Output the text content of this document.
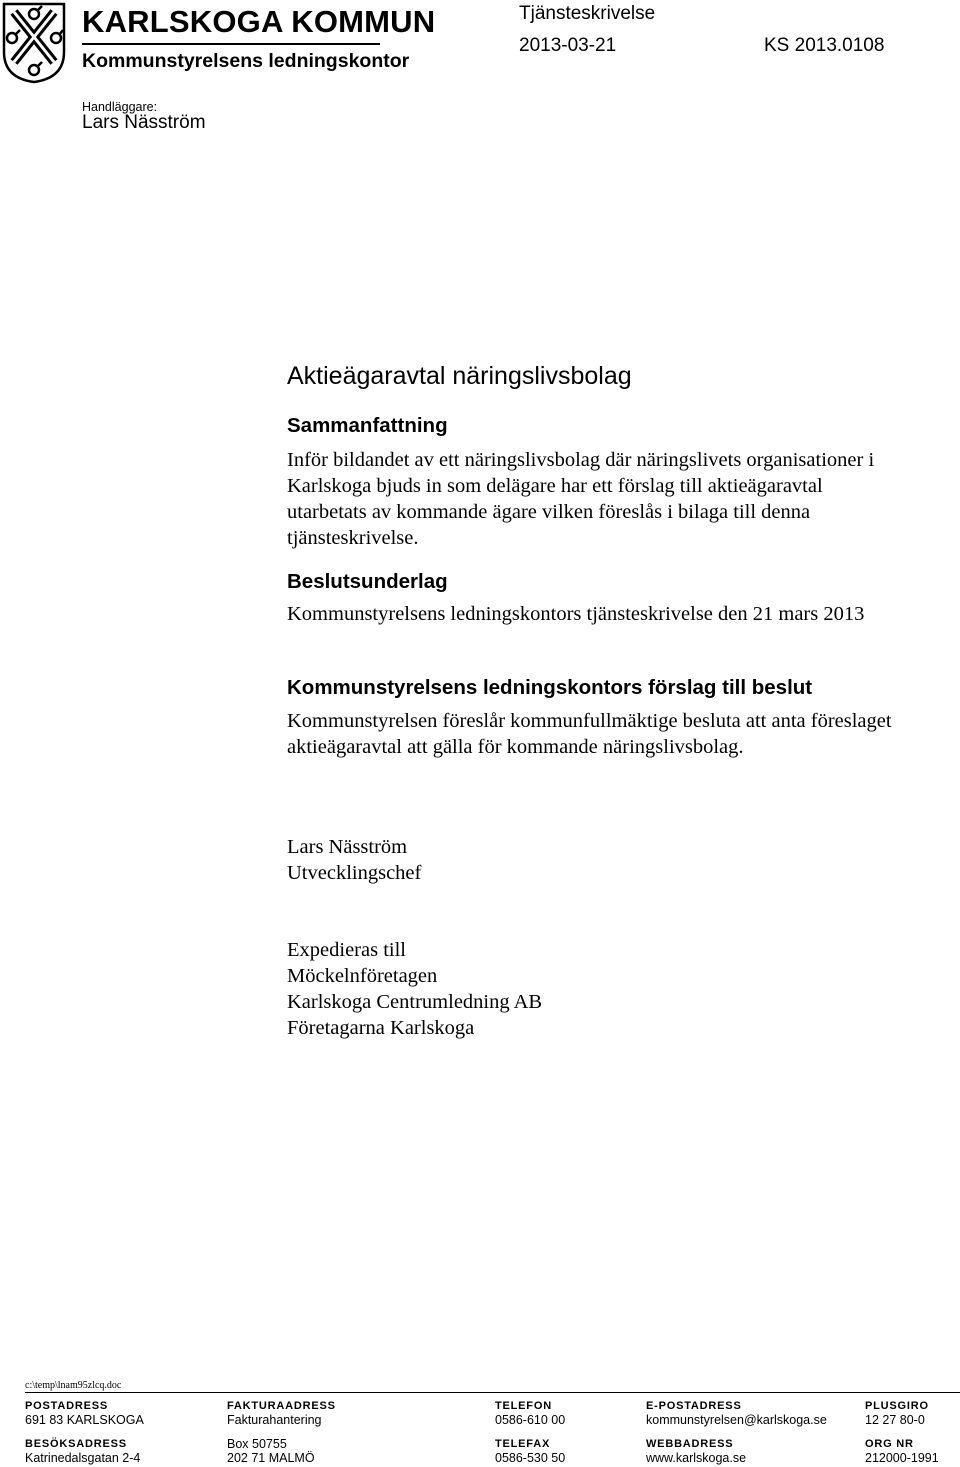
KARLSKOGA KOMMUN
Kommunstyrelsens ledningskontor
Tjänsteskrivelse
2013-03-21	KS 2013.0108
Handläggare:
Lars Näsström
Aktieägaravtal näringslivsbolag
Sammanfattning
Inför bildandet av ett näringslivsbolag där näringslivets organisationer i
Karlskoga bjuds in som delägare har ett förslag till aktieägaravtal
utarbetats av kommande ägare vilken föreslås i bilaga till denna
tjänsteskrivelse.
Beslutsunderlag
Kommunstyrelsens ledningskontors tjänsteskrivelse den 21 mars 2013
Kommunstyrelsens ledningskontors förslag till beslut
Kommunstyrelsen föreslår kommunfullmäktige besluta att anta föreslaget
aktieägaravtal att gälla för kommande näringslivsbolag.
Lars Näsström
Utvecklingschef
Expedieras till
Möckelnföretagen
Karlskoga Centrumledning AB
Företagarna Karlskoga
c:\temp\lnam95zlcq.doc
POSTADRESS
691 83 KARLSKOGA
FAKTURAADRESS
Fakturahantering
TELEFON
0586-610 00
E-POSTADRESS
kommunstyrelsen@karlskoga.se
PLUSGIRO
12 27 80-0
BESÖKSADRESS
Katrinedalsgatan 2-4
Box 50755
202 71 MALMÖ
TELEFAX
0586-530 50
WEBBADRESS
www.karlskoga.se
ORG NR
212000-1991
